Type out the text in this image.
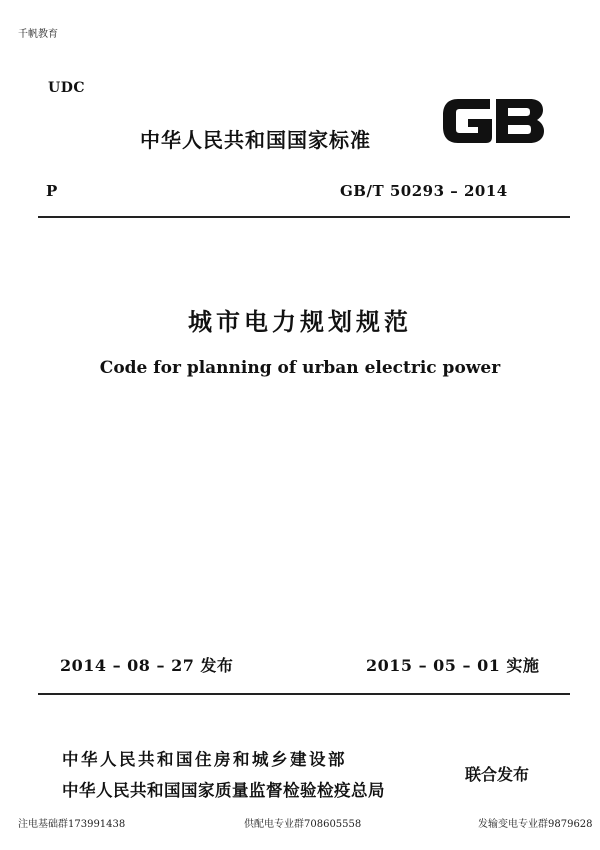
千帆教育
UDC
中华人民共和国国家标准
P	GB/T 50293 – 2014
城市电力规划规范
Code for planning of urban electric power
2014 – 08 – 27 发布	2015 – 05 – 01 实施
中华人民共和国住房和城乡建设部
中华人民共和国国家质量监督检验检疫总局
联合发布
注电基础群173991438	供配电专业群708605558	发输变电专业群9879628
